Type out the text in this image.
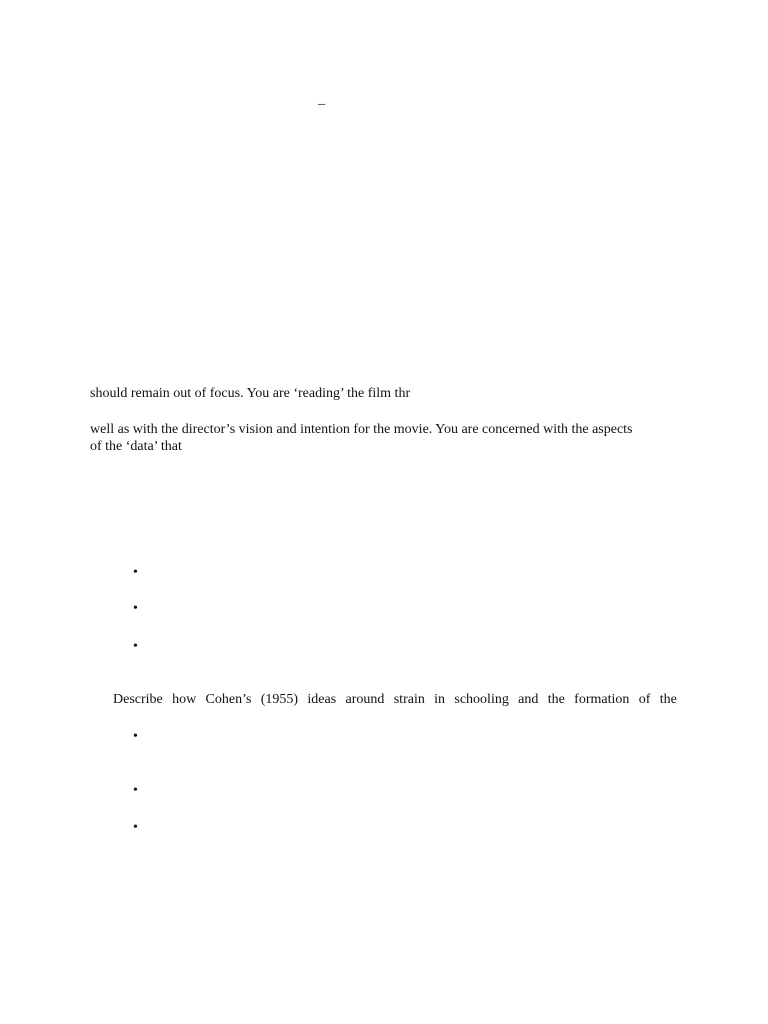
_
should remain out of focus. You are ‘reading’ the film thr
well as with the director’s vision and intention for the movie. You are concerned with the aspects
of the ‘data’ that
•
•
•
Describe how Cohen’s (1955) ideas around strain in schooling and the formation of the
•
•
•
